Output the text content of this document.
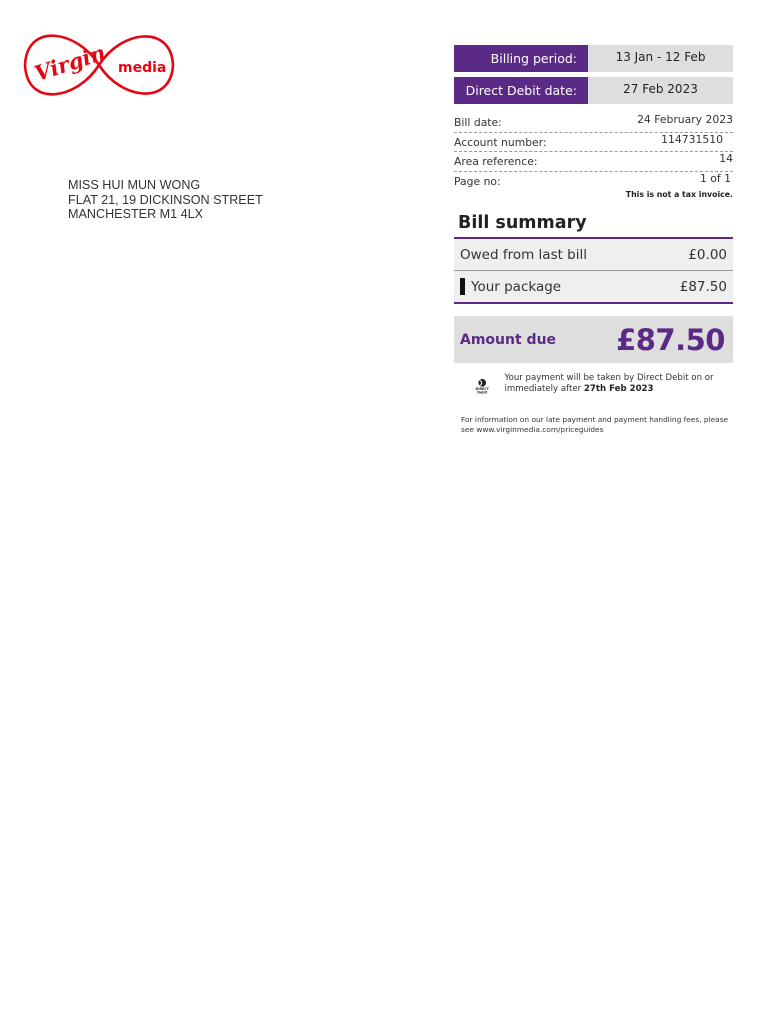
Virgin media
MISS HUI MUN WONG
FLAT 21, 19 DICKINSON STREET
MANCHESTER M1 4LX
Billing period:	13 Jan - 12 Feb
Direct Debit date:	27 Feb 2023
Bill date:	24 February 2023
Account number:	114731510
Area reference:	14
Page no:	1 of 1
This is not a tax invoice.
Bill summary
Owed from last bill	£0.00
Your package	£87.50
Amount due £87.50
DIRECT
Debit
Your payment will be taken by Direct Debit on or immediately after 27th Feb 2023
For information on our late payment and payment handling fees, please see www.virginmedia.com/priceguides
